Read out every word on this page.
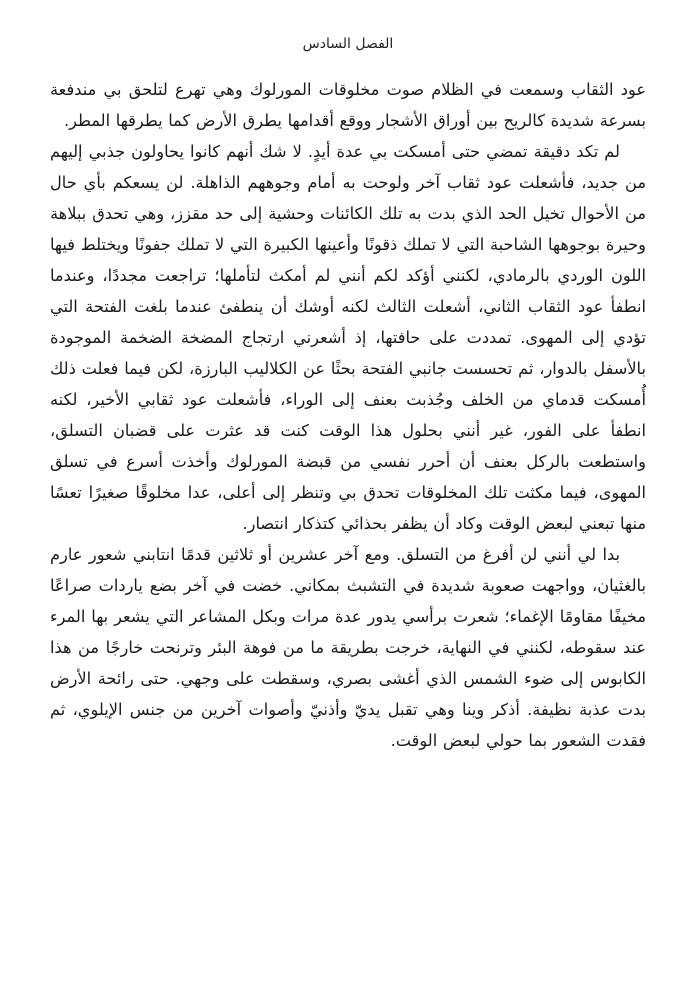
الفصل السادس

عود الثقاب وسمعت في الظلام صوت مخلوقات المورلوك وهي تهرع لتلحق بي مندفعة بسرعة شديدة كالريح بين أوراق الأشجار ووقع أقدامها يطرق الأرض كما يطرقها المطر.

لم تكد دقيقة تمضي حتى أمسكت بي عدة أيدٍ. لا شك أنهم كانوا يحاولون جذبي إليهم من جديد، فأشعلت عود ثقاب آخر ولوحت به أمام وجوههم الذاهلة. لن يسعكم بأي حال من الأحوال تخيل الحد الذي بدت به تلك الكائنات وحشية إلى حد مقزز، وهي تحدق ببلاهة وحيرة بوجوهها الشاحبة التي لا تملك ذقونًا وأعينها الكبيرة التي لا تملك جفونًا ويختلط فيها اللون الوردي بالرمادي، لكنني أؤكد لكم أنني لم أمكث لتأملها؛ تراجعت مجددًا، وعندما انطفأ عود الثقاب الثاني، أشعلت الثالث لكنه أوشك أن ينطفئ عندما بلغت الفتحة التي تؤدي إلى المهوى. تمددت على حافتها، إذ أشعرني ارتجاج المضخة الضخمة الموجودة بالأسفل بالدوار، ثم تحسست جانبي الفتحة بحثًا عن الكلاليب البارزة، لكن فيما فعلت ذلك أُمسكت قدماي من الخلف وجُذبت بعنف إلى الوراء، فأشعلت عود ثقابي الأخير، لكنه انطفأ على الفور، غير أنني بحلول هذا الوقت كنت قد عثرت على قضبان التسلق، واستطعت بالركل بعنف أن أحرر نفسي من قبضة المورلوك وأخذت أسرع في تسلق المهوى، فيما مكثت تلك المخلوقات تحدق بي وتنظر إلى أعلى، عدا مخلوقًا صغيرًا تعسًا منها تبعني لبعض الوقت وكاد أن يظفر بحذائي كتذكار انتصار.

بدا لي أنني لن أفرغ من التسلق. ومع آخر عشرين أو ثلاثين قدمًا انتابني شعور عارم بالغثيان، وواجهت صعوبة شديدة في التشبث بمكاني. خضت في آخر بضع ياردات صراعًا مخيفًا مقاومًا الإغماء؛ شعرت برأسي يدور عدة مرات وبكل المشاعر التي يشعر بها المرء عند سقوطه، لكنني في النهاية، خرجت بطريقة ما من فوهة البئر وترنحت خارجًا من هذا الكابوس إلى ضوء الشمس الذي أغشى بصري، وسقطت على وجهي. حتى رائحة الأرض بدت عذبة نظيفة. أذكر وينا وهي تقبل يديّ وأذنيّ وأصوات آخرين من جنس الإيلوي، ثم فقدت الشعور بما حولي لبعض الوقت.
